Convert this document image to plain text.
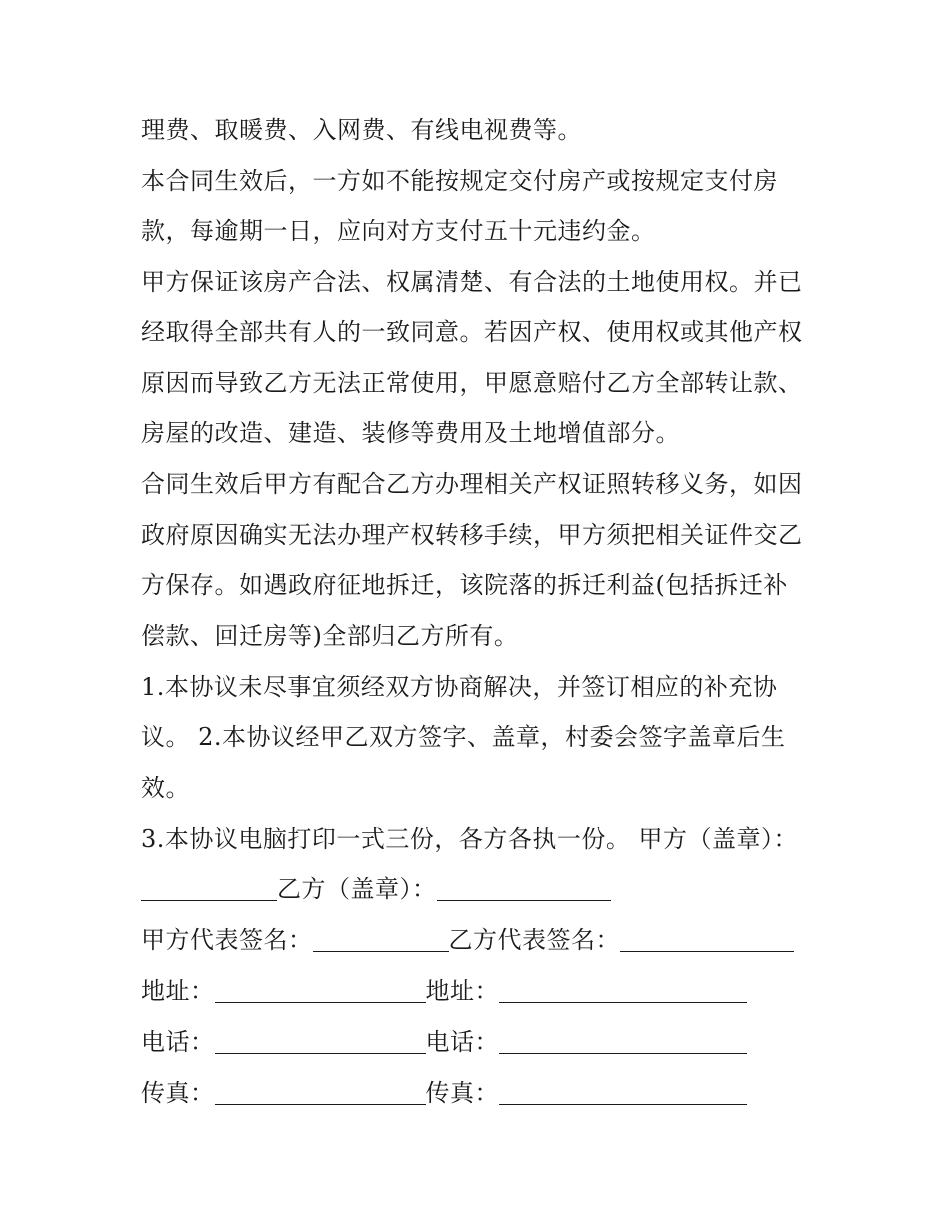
理费、取暖费、入网费、有线电视费等。
本合同生效后，一方如不能按规定交付房产或按规定支付房
款，每逾期一日，应向对方支付五十元违约金。
甲方保证该房产合法、权属清楚、有合法的土地使用权。并已
经取得全部共有人的一致同意。若因产权、使用权或其他产权
原因而导致乙方无法正常使用，甲愿意赔付乙方全部转让款、
房屋的改造、建造、装修等费用及土地增值部分。
合同生效后甲方有配合乙方办理相关产权证照转移义务，如因
政府原因确实无法办理产权转移手续，甲方须把相关证件交乙
方保存。如遇政府征地拆迁，该院落的拆迁利益(包括拆迁补
偿款、回迁房等)全部归乙方所有。
1.本协议未尽事宜须经双方协商解决，并签订相应的补充协
议。 2.本协议经甲乙双方签字、盖章，村委会签字盖章后生
效。
3.本协议电脑打印一式三份，各方各执一份。 甲方（盖章）：
乙方（盖章）：
甲方代表签名：	乙方代表签名：
地址：	地址：
电话：	电话：
传真：	传真：
